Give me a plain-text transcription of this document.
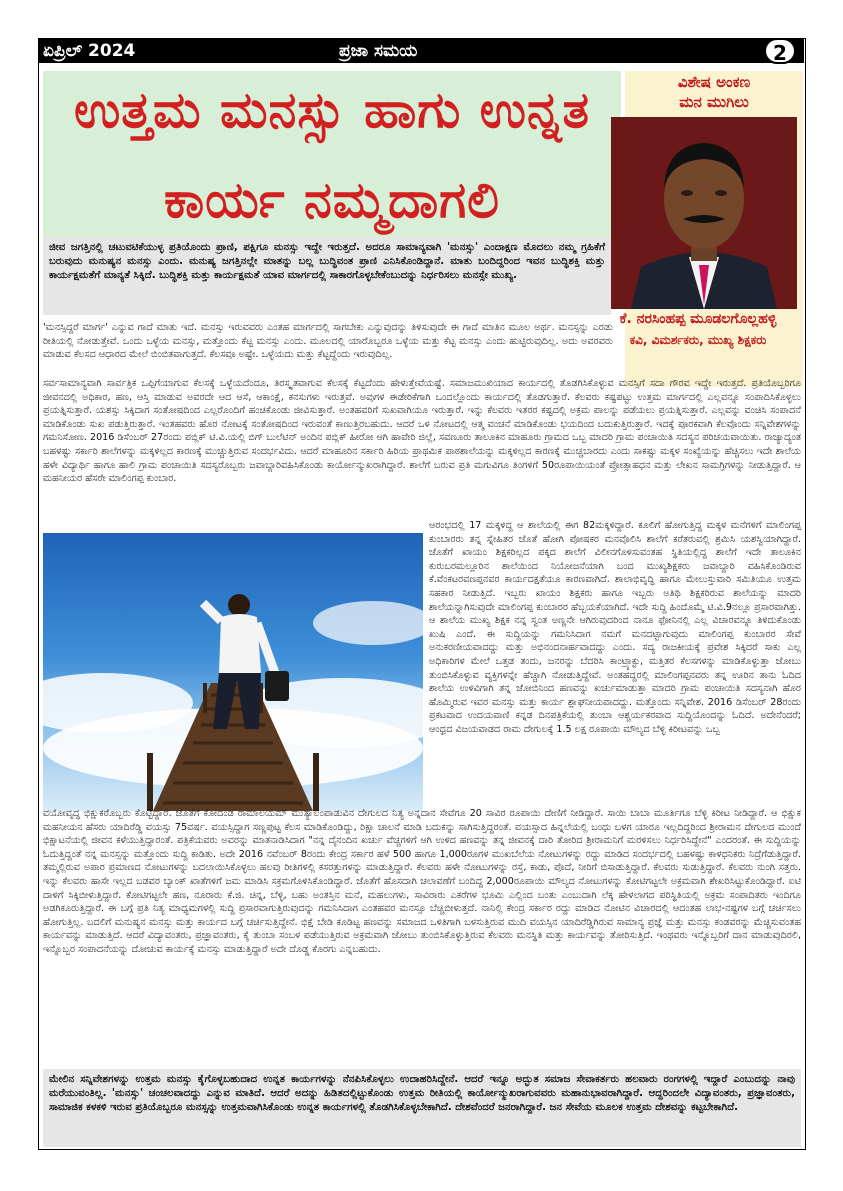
ಏಪ್ರಿಲ್ 2024	ಪ್ರಜಾ ಸಮಯ	2
ಉತ್ತಮ ಮನಸ್ಸು ಹಾಗು ಉನ್ನತ
ಕಾರ್ಯ ನಮ್ಮದಾಗಲಿ
ವಿಶೇಷ ಅಂಕಣ
ಮನ ಮುಗಿಲು
ಕೆ. ನರಸಿಂಹಪ್ಪ ಮೂಡಲಗೊಲ್ಲಹಳ್ಳಿ
ಕವಿ, ವಿಮರ್ಶಕರು, ಮುಖ್ಯ ಶಿಕ್ಷಕರು
ಜೀವ ಜಗತ್ತಿನಲ್ಲಿ ಚಟುವಟಿಕೆಯುಳ್ಳ ಪ್ರತಿಯೊಂದು ಪ್ರಾಣಿ, ಪಕ್ಷಿಗೂ ಮನಸ್ಸು ಇದ್ದೇ ಇರುತ್ತದೆ. ಅದರೂ ಸಾಮಾನ್ಯವಾಗಿ 'ಮನಸ್ಸು' ಎಂದಾಕ್ಷಣ ಮೊದಲು ನಮ್ಮ ಗ್ರಹಿಕೆಗೆ ಬರುವುದು ಮನುಷ್ಯನ ಮನಸ್ಸು ಎಂದು. ಮನುಷ್ಯ ಜಗತ್ತಿನಲ್ಲೇ ಮಾತನ್ನು ಬಲ್ಲ ಬುದ್ಧಿವಂತ ಪ್ರಾಣಿ ಎನಿಸಿಕೊಂಡಿದ್ದಾನೆ. ಮಾತು ಬಂದಿದ್ದರಿಂದ ಇವನ ಬುದ್ಧಿಶಕ್ತಿ ಮತ್ತು ಕಾರ್ಯಕ್ಷಮತೆಗೆ ಮಾನ್ಯತೆ ಸಿಕ್ಕಿದೆ. ಬುದ್ಧಿಶಕ್ತಿ ಮತ್ತು ಕಾರ್ಯಕ್ಷಮತೆ ಯಾವ ಮಾರ್ಗದಲ್ಲಿ ಸಾಕಾರಗೊಳ್ಳಬೇಕೆಂಬುದನ್ನು ನಿರ್ಧರಿಸಲು ಮನಸ್ಸೇ ಮುಖ್ಯ.

'ಮನಸ್ಸಿದ್ದರೆ ಮಾರ್ಗ' ಎನ್ನುವ ಗಾದೆ ಮಾತು ಇದೆ. ಮನಸ್ಸು ಇರುವವರು ಎಂತಹ ಮಾರ್ಗದಲ್ಲಿ ಸಾಗಬೇಕು ಎನ್ನುವುದನ್ನು ತಿಳಿಸುವುದೇ ಈ ಗಾದೆ ಮಾತಿನ ಮೂಲ ಅರ್ಥ. ಮನಸ್ಸನ್ನು ಎರಡು ರೀತಿಯಲ್ಲಿ ನೋಡುತ್ತೇವೆ. ಒಂದು ಒಳ್ಳೆಯ ಮನಸ್ಸು, ಮತ್ತೊಂದು ಕೆಟ್ಟ ಮನಸ್ಸು ಎಂದು. ಮೂಲದಲ್ಲಿ ಯಾರೊಬ್ಬರೂ ಒಳ್ಳೆಯ ಮತ್ತು ಕೆಟ್ಟ ಮನಸ್ಸು ಎಂದು ಹುಟ್ಟಿರುವುದಿಲ್ಲ. ಅದು ಅವರವರು ಮಾಡುವ ಕೆಲಸದ ಆಧಾರದ ಮೇಲೆ ಬಿಂಬಿತವಾಗುತ್ತದೆ. ಕೆಲಸವೂ ಅಷ್ಟೇ. ಒಳ್ಳೆಯದು ಮತ್ತು ಕೆಟ್ಟದ್ದೆಂದು ಇರುವುದಿಲ್ಲ.

ಸರ್ವಸಾಮಾನ್ಯವಾಗಿ ಸಾರ್ವತ್ರಿಕ ಒಪ್ಪಿಗೆಯಾಗುವ ಕೆಲಸಕ್ಕೆ ಒಳ್ಳೆಯದೆಂದೂ, ತಿರಸ್ಕೃತವಾಗುವ ಕೆಲಸಕ್ಕೆ ಕೆಟ್ಟದೆಂದು ಹೇಳುತ್ತೇವೆಯಷ್ಟೆ. ಸಮಾಜಮುಖಿಯಾದ ಕಾರ್ಯದಲ್ಲಿ ತೊಡಗಿಸಿಕೊಳ್ಳುವ ಮನಸ್ಸಿಗೆ ಸದಾ ಗೌರವ ಇದ್ದೇ ಇರುತ್ತದೆ. ಪ್ರತಿಯೊಬ್ಬರಿಗೂ ಜೀವನದಲ್ಲಿ ಅಧಿಕಾರ, ಹಣ, ಆಸ್ತಿ ಮಾಡುವ ಅವರದೇ ಆದ ಆಸೆ, ಆಕಾಂಕ್ಷೆ, ಕನಸುಗಳು ಇರುತ್ತವೆ. ಅವುಗಳ ಈಡೇರಿಕೆಗಾಗಿ ಒಂದಲ್ಲೊಂದು ಕಾರ್ಯದಲ್ಲಿ ತೊಡಗುತ್ತಾರೆ. ಕೆಲವರು ಕಷ್ಟಪಟ್ಟು ಉತ್ತಮ ಮಾರ್ಗದಲ್ಲಿ ಎಲ್ಲವನ್ನೂ ಸಂಪಾದಿಸಿಕೊಳ್ಳಲು ಪ್ರಯತ್ನಿಸುತ್ತಾರೆ. ಯಶಸ್ಸು ಸಿಕ್ಕಿದಾಗ ಸಂತೋಷದಿಂದ ಎಲ್ಲರೊಂದಿಗೆ ಹಂಚಿಕೊಂಡು ಜೀವಿಸುತ್ತಾರೆ. ಅಂತಹವರಿಗೆ ಸುಖವಾಗಿಯೂ ಇರುತ್ತಾರೆ. ಇನ್ನು ಕೆಲವರು ಇತರರ ಕಷ್ಟದಲ್ಲಿ ಅಕ್ರಮ ಪಾಲನ್ನು ಪಡೆಯಲು ಪ್ರಯತ್ನಿಸುತ್ತಾರೆ. ಎಲ್ಲವನ್ನು ವಂಚಿಸಿ ಸಂಪಾದನೆ ಮಾಡಿಕೊಂಡು ಸುಖ ಪಡುತ್ತಿರುತ್ತಾರೆ. ಇಂತಹವರು ಹೊರ ನೋಟಕ್ಕೆ ಸಂತೋಷದಿಂದ ಇರುವಂತೆ ಕಾಣುತ್ತಿರಬಹುದು. ಆದರೆ ಒಳ ನೋಟದಲ್ಲಿ ಆತ್ಮ ವಂಚನೆ ಮಾಡಿಕೊಂಡು ಭಯದಿಂದ ಬದುಕುತ್ತಿರುತ್ತಾರೆ. ಇದಕ್ಕೆ ಪೂರಕವಾಗಿ ಕೆಲವೊಂದು ಸನ್ನಿವೇಶಗಳನ್ನು ಗಮನಿಸೋಣ. 2016 ಡಿಸೆಂಬರ್ 27ರಂದು ಪಬ್ಲಿಕ್ ಟಿ.ವಿ.ಯಲ್ಲಿ ಬಿಗ್ ಬುಲೆಟಿನ್ ಅಂದಿನ ಪಬ್ಲಿಕ್ ಹೀರೋ ಆಗಿ ಹಾವೇರಿ ಜಿಲ್ಲೆ, ಸವಣೂರು ತಾಲೂಕಿನ ಮಾಹೂರು ಗ್ರಾಮದ ಒಬ್ಬ ಮಾದರಿ ಗ್ರಾಮ ಪಂಚಾಯಿತಿ ಸದಸ್ಯನ ಪರಿಚಯವಾಯಿತು. ರಾಜ್ಯಾದ್ಯಂತ ಬಹಳಷ್ಟು ಸರ್ಕಾರಿ ಶಾಲೆಗಳನ್ನು ಮಕ್ಕಳಿಲ್ಲದ ಕಾರಣಕ್ಕೆ ಮುಚ್ಚುತ್ತಿರುವ ಸಂದರ್ಭವಿದು. ಆದರೆ ಮಾಹೂರಿನ ಸರ್ಕಾರಿ ಹಿರಿಯ ಪ್ರಾಥಮಿಕ ಪಾಠಶಾಲೆಯನ್ನು ಮಕ್ಕಳಿಲ್ಲದ ಕಾರಣಕ್ಕೆ ಮುಚ್ಚಬಾರದು ಎಂದು ಸಾಕಷ್ಟು ಮಕ್ಕಳ ಸಂಖ್ಯೆಯನ್ನು ಹೆಚ್ಚಿಸಲು ಇದೇ ಶಾಲೆಯ ಹಳೇ ವಿದ್ಯಾರ್ಥಿ ಹಾಗೂ ಹಾಲಿ ಗ್ರಾಮ ಪಂಚಾಯಿತಿ ಸದಸ್ಯರೊಬ್ಬರು ಜವಾಬ್ದಾರಿವಹಿಸಿಕೊಂಡು ಕಾರ್ಯೋನ್ಮುಖರಾಗಿದ್ದಾರೆ. ಶಾಲೆಗೆ ಬರುವ ಪ್ರತಿ ಮಗುವಿಗೂ ತಿಂಗಳಿಗೆ 50ರೂಪಾಯಿಯಂತೆ ಪ್ರೋತ್ಸಾಹಧನ ಮತ್ತು ಲೇಖನ ಸಾಮಗ್ರಿಗಳನ್ನು ನೀಡುತ್ತಿದ್ದಾರೆ. ಆ ಮಹನೀಯರ ಹೆಸರೇ ಮಾಲಿಂಗಪ್ಪ ಕುಂಬಾರ.

ಆರಂಭದಲ್ಲಿ 17 ಮಕ್ಕಳಿದ್ದ ಆ ಶಾಲೆಯಲ್ಲಿ ಈಗ 82ಮಕ್ಕಳಿದ್ದಾರೆ. ಕೂಲಿಗೆ ಹೋಗುತ್ತಿದ್ದ ಮಕ್ಕಳ ಮನೆಗಳಿಗೆ ಮಾಲಿಂಗಪ್ಪ ಕುಂಬಾರರು ತನ್ನ ಸ್ನೇಹಿತರ ಜೊತೆ ಹೋಗಿ ಪೋಷಕರ ಮನವೊಲಿಸಿ ಶಾಲೆಗೆ ಕರೆತರುವಲ್ಲಿ ಶ್ರಮಿಸಿ ಯಶಸ್ವಿಯಾಗಿದ್ದಾರೆ. ಜೊತೆಗೆ ಖಾಯಂ ಶಿಕ್ಷಕರಿಲ್ಲದ ಪಕ್ಕದ ಶಾಲೆಗೆ ವಿಲೀನಗೊಳಿಸುವಂತಹ ಸ್ಥಿತಿಯಲ್ಲಿದ್ದ ಶಾಲೆಗೆ ಇದೇ ತಾಲೂಕಿನ ಕುರುಬರಮಲ್ಲೂರಿನ ಶಾಲೆಯಿಂದ ನಿಯೋಜನೆಯಾಗಿ ಬಂದ ಮುಖ್ಯಶಿಕ್ಷಕರು ಜವಾಬ್ದಾರಿ ವಹಿಸಿಕೊಂಡಿರುವ ಕೆ.ವೆಂಕಟರವಣಪ್ಪನವರ ಕಾರ್ಯದಕ್ಷತೆಯೂ ಕಾರಣವಾಗಿದೆ. ಶಾಲಾಭಿವೃದ್ಧಿ ಹಾಗೂ ಮೇಲುಸ್ತುವಾರಿ ಸಮಿತಿಯೂ ಉತ್ತಮ ಸಹಕಾರ ನೀಡುತ್ತಿದೆ. ಇಬ್ಬರು ಖಾಯಂ ಶಿಕ್ಷಕರು ಹಾಗೂ ಇಬ್ಬರು ಅತಿಥಿ ಶಿಕ್ಷಕರಿರುವ ಶಾಲೆಯನ್ನು ಮಾದರಿ ಶಾಲೆಯನ್ನಾಗಿಸುವುದೇ ಮಾಲಿಂಗಪ್ಪ ಕುಂಬಾರರ ಹೆಬ್ಬಯಕೆಯಾಗಿದೆ. ಇದೇ ಸುದ್ದಿ ಹಿಂದೊಮ್ಮೆ ಟಿ.ವಿ.9ನಲ್ಲೂ ಪ್ರಸಾರವಾಗಿತ್ತು. ಆ ಶಾಲೆಯ ಮುಖ್ಯ ಶಿಕ್ಷಕ ನನ್ನ ಸ್ವಂತ ಅಣ್ಣನೇ ಆಗಿರುವುದರಿಂದ ನಾನೂ ಫೋನಿನಲ್ಲಿ ಎಲ್ಲ ವಿಚಾರವನ್ನೂ ತಿಳಿದುಕೊಂಡು ಖುಷಿ ಎಂದೆ. ಈ ಸುದ್ದಿಯನ್ನು ಗಮನಿಸಿದಾಗ ನಮಗೆ ಮನದಟ್ಟಾಗುವುದು ಮಾಲಿಂಗಪ್ಪ ಕುಂಬಾರರ ಸೇವೆ ಅನುಕರಣೀಯವಾದದ್ದು ಮತ್ತು ಅಭಿನಂದನಾರ್ಹವಾದದ್ದು ಎಂದು. ಸದ್ಯ ರಾಜಕೀಯಕ್ಕೆ ಪ್ರವೇಶ ಸಿಕ್ಕಿದರೆ ಸಾಕು ಎಲ್ಲ ಅಧಿಕಾರಿಗಳ ಮೇಲೆ ಒತ್ತಡ ತಂದು, ಜನರನ್ನು ಬೆದರಿಸಿ ಕಾಂಟ್ರ್ಯಾಕ್ಟು, ಮತ್ತಿತರ ಕೆಲಸಗಳನ್ನು ಮಾಡಿಕೊಳ್ಳುತ್ತಾ ಜೋಬು ತುಂಬಿಸಿಕೊಳ್ಳುವ ವ್ಯಕ್ತಿಗಳನ್ನೇ ಹೆಚ್ಚಾಗಿ ನೋಡುತ್ತಿದ್ದೇವೆ. ಅಂತಹದ್ದರಲ್ಲಿ ಮಾಲಿಂಗಪ್ಪನವರು ತನ್ನ ಊರಿನ ತಾನು ಓದಿದ ಶಾಲೆಯ ಉಳಿವಿಗಾಗಿ ತನ್ನ ಜೋಬಿನಿಂದ ಹಣವನ್ನು ಖರ್ಚುಮಾಡುತ್ತಾ ಮಾದರಿ ಗ್ರಾಮ ಪಂಚಾಯಿತಿ ಸದಸ್ಯನಾಗಿ ಹೊರ ಹೊಮ್ಮಿರುವ ಇವರ ಮನಸ್ಸು ಮತ್ತು ಕಾರ್ಯ ಶ್ಲಾಘನೀಯವಾದದ್ದು. ಮತ್ತೊಂದು ಸನ್ನಿವೇಶ. 2016 ಡಿಸೆಂಬರ್ 28ರಂದು ಪ್ರಕಟವಾದ ಉದಯವಾಣಿ ಕನ್ನಡ ದಿನಪತ್ರಿಕೆಯಲ್ಲಿ ತುಂಬಾ ಆಶ್ಚರ್ಯಕರವಾದ ಸುದ್ದಿಯೊಂದನ್ನು ಓದಿದೆ. ಅದೇನೆಂದರೆ; ಆಂಧ್ರದ ವಿಜಯವಾಡದ ರಾಮ ದೇಗುಲಕ್ಕೆ 1.5 ಲಕ್ಷ ರೂಪಾಯಿ ಮೌಲ್ಯದ ಬೆಳ್ಳಿ ಕಿರೀಟವನ್ನು ಒಬ್ಬ

ವಯೋವೃದ್ಧ ಭಿಕ್ಷುಕರೊಬ್ಬರು ಕೊಟ್ಟಿದ್ದಾರೆ. ಜೊತೆಗೆ ಕೋದಂಡ ರಾಮಾಲಯಮ್ ಮುತ್ಯಾಲಂಪಾಡುವಿನ ದೇಗುಲದ ನಿತ್ಯ ಅನ್ನದಾನ ಸೇವೆಗೂ 20 ಸಾವಿರ ರೂಪಾಯಿ ದೇಣಿಗೆ ನೀಡಿದ್ದಾರೆ. ಸಾಯಿ ಬಾಬಾ ಮೂರ್ತಿಗೂ ಬೆಳ್ಳಿ ಕಿರೀಟ ನೀಡಿದ್ದಾರೆ. ಆ ಭಿಕ್ಷುಕ ಮಹನೀಯನ ಹೆಸರು ಯಾದಿರೆಡ್ಡಿ ವಯಸ್ಸು 75ವರ್ಷ. ವಯಸ್ಸಿದ್ದಾಗ ಸಣ್ಣಪುಟ್ಟ ಕೆಲಸ ಮಾಡಿಕೊಂಡಿದ್ದು, ರಿಕ್ಷಾ ಚಾಲನೆ ಮಾಡಿ ಬದುಕನ್ನು ಸಾಗಿಸುತ್ತಿದ್ದರಂತೆ. ವಯಸ್ಸಾದ ಹಿನ್ನಲೆಯಲ್ಲಿ ಬಂಧು ಬಳಗ ಯಾರೂ ಇಲ್ಲದಿದ್ದರಿಂದ ಶ್ರೀರಾಮನ ದೇಗುಲದ ಮುಂದೆ ಭಿಕ್ಷಾಟನೆಯಲ್ಲಿ ಜೀವನ ಕಳೆಯುತ್ತಿದ್ದಾರಂತೆ. ಪತ್ರಿಕೆಯವರು ಅವರನ್ನು ಮಾತನಾಡಿಸಿದಾಗ "ನನ್ನ ದೈನಂದಿನ ಖರ್ಚು ವೆಚ್ಚಗಳಿಗೆ ಆಗಿ ಉಳಿದ ಹಣವನ್ನು ತನ್ನ ಜೀವನಕ್ಕೆ ದಾರಿ ತೋರಿದ ಶ್ರೀರಾಮನಿಗೆ ಮರಳಿಸಲು ನಿರ್ಧರಿಸಿದ್ದೇನೆ" ಎಂದರಂತೆ. ಈ ಸುದ್ದಿಯನ್ನು ಓದುತ್ತಿದ್ದಂತೆ ನನ್ನ ಮನಸ್ಸನ್ನು ಮತ್ತೊಂದು ಸುದ್ದಿ ಕಾಡಿತು. ಅದೇ 2016 ನವೆಂಬರ್ 8ರಂದು ಕೇಂದ್ರ ಸರ್ಕಾರ ಹಳೆ 500 ಹಾಗೂ 1,000ರೂಗಳ ಮುಖಬೆಲೆಯ ನೋಟುಗಳನ್ನು ರದ್ದು ಮಾಡಿದ ಸಂದರ್ಭದಲ್ಲಿ ಬಹಳಷ್ಟು ಕಾಳಧನಿಕರು ನಿದ್ರೆಗೆಡುತ್ತಿದ್ದಾರೆ. ತಮ್ಮಲ್ಲಿರುವ ಅಪಾರ ಪ್ರಮಾಣದ ನೋಟುಗಳನ್ನು ಬದಲಾಯಿಸಿಕೊಳ್ಳಲು ಹಲವು ರೀತಿಗಳಲ್ಲಿ ಕಸರತ್ತುಗಳನ್ನು ಮಾಡುತ್ತಿದ್ದಾರೆ. ಕೆಲವರು ಹಳೇ ನೋಟುಗಳನ್ನು ರಸ್ತೆ, ಕಾಡು, ಪೊದೆ, ನೀರಿಗೆ ಬಿಸಾಡುತ್ತಿದ್ದಾರೆ. ಕೆಲವರು ಸುಡುತ್ತಿದ್ದಾರೆ. ಕೆಲವರು ನುಂಗಿ ಸತ್ತರು. ಇನ್ನು ಕೆಲವರು ಹಾಸೇ ಇಲ್ಲದ ಬಡವರ ಬ್ಯಾಂಕ್ ಖಾತೆಗಳಿಗೆ ಜಮ ಮಾಡಿಸಿ ಸಕ್ರಮಗೊಳಿಸಿಕೊಂಡಿದ್ದಾರೆ. ಜೊತೆಗೆ ಹೊಸದಾಗಿ ಚಲಾವಣೆಗೆ ಬಂದಿದ್ದ 2,000ರೂಪಾಯಿ ಮೌಲ್ಯದ ನೋಟುಗಳನ್ನು ಕೋಟಿಗಟ್ಟಲೇ ಅಕ್ರಮವಾಗಿ ಶೇಖರಿಸಿಟ್ಟುಕೊಂಡಿದ್ದಾರೆ. ಐಟಿ ದಾಳಿಗೆ ಸಿಕ್ಕಿಬೀಳುತ್ತಿದ್ದಾರೆ. ಕೋಟಿಗಟ್ಟಲೇ ಹಣ, ನೂರಾರು ಕೆ.ಜಿ. ಚಿನ್ನ, ಬೆಳ್ಳಿ, ಬಹು ಅಂತಸ್ತಿನ ಮನೆ, ಮಹಲುಗಳು, ಸಾವಿರಾರು ಎಕರೆಗಳ ಭೂಮಿ ಎಲ್ಲಿಂದ ಬಂತು ಎಂಬುದಾಗಿ ಲೆಕ್ಕ ಹೇಳಲಾಗದ ಪರಿಸ್ಥಿತಿಯಲ್ಲಿ ಅಕ್ರಮ ಸಂಪಾದಿತರು ಇಂದಿಗೂ ಅಡಗಿಕೂರುತ್ತಿದ್ದಾರೆ. ಈ ಬಗ್ಗೆ ಪ್ರತಿ ನಿತ್ಯ ಮಾಧ್ಯಮಗಳಲ್ಲಿ ಸುದ್ದಿ ಪ್ರಸಾರವಾಗುತ್ತಿರುವುದನ್ನು ಗಮನಿಸಿದಾಗ ಎಂತಹವರ ಮನಸ್ಸೂ ಬೆಚ್ಚಿಬೀಳುತ್ತದೆ. ನಾನಿಲ್ಲಿ ಕೇಂದ್ರ ಸರ್ಕಾರ ರದ್ದು ಮಾಡಿದ ನೋಟಿನ ವಿಚಾರದಲ್ಲಿ ಆದಂತಹ ಲಾಭ-ನಷ್ಟಗಳ ಬಗ್ಗೆ ಚರ್ಚಿಸಲು ಹೋಗುತ್ತಿಲ್ಲ. ಬದಲಿಗೆ ಮನುಷ್ಯನ ಮನಸ್ಸು ಮತ್ತು ಕಾರ್ಯದ ಬಗ್ಗೆ ಚರ್ಚಿಸುತ್ತಿದ್ದೇನೆ. ಭಿಕ್ಷೆ ಬೇಡಿ ಕೂಡಿಟ್ಟ ಹಣವನ್ನು ಸಮಾಜದ ಒಳಿತಿಗಾಗಿ ಬಳಸುತ್ತಿರುವ ಮುದಿ ವಯಸ್ಸಿನ ಯಾದಿರೆಡ್ಡಿಗಿರುವ ಸಾಮಾನ್ಯ ಪ್ರಜ್ಞೆ ಮತ್ತು ಮನಸ್ಸು ಕಂಡವರನ್ನು ಮೆಚ್ಚಿಸುವಂತಹ ಕಾರ್ಯವನ್ನು ಮಾಡುತ್ತಿದೆ. ಆದರೆ ವಿದ್ಯಾವಂತರು, ಪ್ರಜ್ಞಾವಂತರು, ಕೈ ತುಂಬಾ ಸಂಬಳ ಪಡೆಯುತ್ತಿರುವ ಅಕ್ರಮವಾಗಿ ಜೋಬು ತುಂಬಿಸಿಕೊಳ್ಳುತ್ತಿರುವ ಕೆಲವರು ಮನಸ್ಥಿತಿ ಮತ್ತು ಕಾರ್ಯವನ್ನು ತೋರಿಸುತ್ತಿದೆ. ಇಂಥವರು ಇನ್ನೊಬ್ಬರಿಗೆ ದಾನ ಮಾಡುವುದಿರಲಿ, ಇನ್ನೊಬ್ಬರ ಸಂಪಾದನೆಯನ್ನು ದೋಚುವ ಕಾರ್ಯಕ್ಕೆ ಮನಸ್ಸು ಮಾಡುತ್ತಿದ್ದಾರೆ ಅದೇ ದೊಡ್ಡ ಕೊರಗು ಎನ್ನಬಹುದು.

ಮೇಲಿನ ಸನ್ನಿವೇಶಗಳನ್ನು ಉತ್ತಮ ಮನಸ್ಸು ಕೈಗೊಳ್ಳಬಹುದಾದ ಉನ್ನತ ಕಾರ್ಯಗಳನ್ನು ನೆನಪಿಸಿಕೊಳ್ಳಲು ಉದಾಹರಿಸಿದ್ದೇನೆ. ಆದರೆ ಇನ್ನೂ ಅದ್ಭುತ ಸಮಾಜ ಸೇವಾಕರ್ತರು ಹಲವಾರು ರಂಗಗಳಲ್ಲಿ ಇದ್ದಾರೆ ಎಂಬುದನ್ನು ನಾವು ಮರೆಯುವಂತಿಲ್ಲ. 'ಮನಸ್ಸು' ಚಂಚಲವಾದದ್ದು ಎನ್ನುವ ಮಾತಿದೆ. ಆದರೆ ಅದನ್ನು ಹಿಡಿತದಲ್ಲಿಟ್ಟುಕೊಂಡು ಉತ್ತಮ ರೀತಿಯಲ್ಲಿ ಕಾರ್ಯೋನ್ಮುಖರಾಗುವವರು ಮಹಾನುಭಾವರಾಗಿದ್ದಾರೆ. ಆದ್ದರಿಂದಲೇ ವಿದ್ಯಾವಂತರು, ಪ್ರಜ್ಞಾವಂತರು, ಸಾಮಾಜಿಕ ಕಳಕಳಿ ಇರುವ ಪ್ರತಿಯೊಬ್ಬರೂ ಮನಸ್ಸನ್ನು ಉತ್ತಮವಾಗಿಸಿಕೊಂಡು ಉನ್ನತ ಕಾರ್ಯಗಳಲ್ಲಿ ತೊಡಗಿಸಿಕೊಳ್ಳಬೇಕಾಗಿದೆ. ದೇಶವೆಂದರೆ ಜನರಾಗಿದ್ದಾರೆ. ಜನ ಸೇವೆಯ ಮೂಲಕ ಉತ್ತಮ ದೇಶವನ್ನು ಕಟ್ಟಬೇಕಾಗಿದೆ.
